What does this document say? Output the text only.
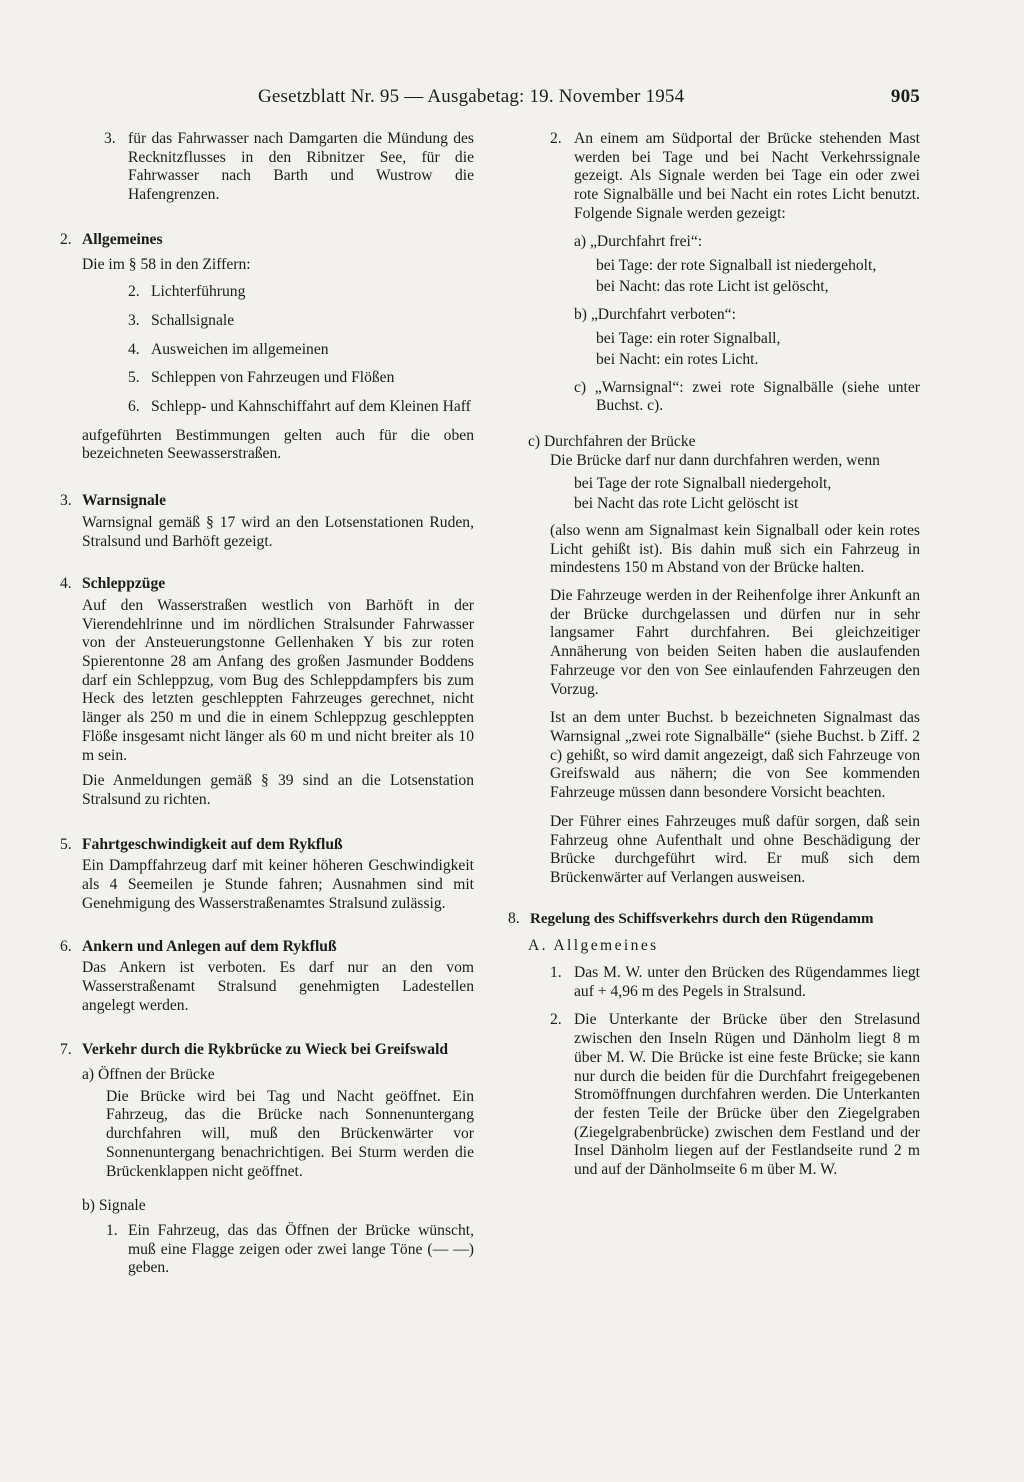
Gesetzblatt Nr. 95 — Ausgabetag: 19. November 1954	905
3. für das Fahrwasser nach Damgarten die Mündung des Recknitzflusses in den Ribnitzer See, für die Fahrwasser nach Barth und Wustrow die Hafengrenzen.

2. Allgemeines

Die im § 58 in den Ziffern:

2. Lichterführung

3. Schallsignale

4. Ausweichen im allgemeinen

5. Schleppen von Fahrzeugen und Flößen

6. Schlepp- und Kahnschiffahrt auf dem Kleinen Haff

aufgeführten Bestimmungen gelten auch für die oben bezeichneten Seewasserstraßen.

3. Warnsignale

Warnsignal gemäß § 17 wird an den Lotsenstationen Ruden, Stralsund und Barhöft gezeigt.

4. Schleppzüge

Auf den Wasserstraßen westlich von Barhöft in der Vierendehlrinne und im nördlichen Stralsunder Fahrwasser von der Ansteuerungstonne Gellenhaken Y bis zur roten Spierentonne 28 am Anfang des großen Jasmunder Boddens darf ein Schleppzug, vom Bug des Schleppdampfers bis zum Heck des letzten geschleppten Fahrzeuges gerechnet, nicht länger als 250 m und die in einem Schleppzug geschleppten Flöße insgesamt nicht länger als 60 m und nicht breiter als 10 m sein.

Die Anmeldungen gemäß § 39 sind an die Lotsenstation Stralsund zu richten.

5. Fahrtgeschwindigkeit auf dem Rykfluß

Ein Dampffahrzeug darf mit keiner höheren Geschwindigkeit als 4 Seemeilen je Stunde fahren; Ausnahmen sind mit Genehmigung des Wasserstraßenamtes Stralsund zulässig.

6. Ankern und Anlegen auf dem Rykfluß

Das Ankern ist verboten. Es darf nur an den vom Wasserstraßenamt Stralsund genehmigten Ladestellen angelegt werden.

7. Verkehr durch die Rykbrücke zu Wieck bei Greifswald

a) Öffnen der Brücke

Die Brücke wird bei Tag und Nacht geöffnet. Ein Fahrzeug, das die Brücke nach Sonnenuntergang durchfahren will, muß den Brückenwärter vor Sonnenuntergang benachrichtigen. Bei Sturm werden die Brückenklappen nicht geöffnet.

b) Signale

1. Ein Fahrzeug, das das Öffnen der Brücke wünscht, muß eine Flagge zeigen oder zwei lange Töne (— —) geben.

2. An einem am Südportal der Brücke stehenden Mast werden bei Tage und bei Nacht Verkehrssignale gezeigt. Als Signale werden bei Tage ein oder zwei rote Signalbälle und bei Nacht ein rotes Licht benutzt. Folgende Signale werden gezeigt:

a) „Durchfahrt frei“:

bei Tage: der rote Signalball ist niedergeholt,

bei Nacht: das rote Licht ist gelöscht,

b) „Durchfahrt verboten“:

bei Tage: ein roter Signalball,

bei Nacht: ein rotes Licht.

c) „Warnsignal“: zwei rote Signalbälle (siehe unter Buchst. c).

c) Durchfahren der Brücke

Die Brücke darf nur dann durchfahren werden, wenn

bei Tage der rote Signalball niedergeholt,

bei Nacht das rote Licht gelöscht ist

(also wenn am Signalmast kein Signalball oder kein rotes Licht gehißt ist). Bis dahin muß sich ein Fahrzeug in mindestens 150 m Abstand von der Brücke halten.

Die Fahrzeuge werden in der Reihenfolge ihrer Ankunft an der Brücke durchgelassen und dürfen nur in sehr langsamer Fahrt durchfahren. Bei gleichzeitiger Annäherung von beiden Seiten haben die auslaufenden Fahrzeuge vor den von See einlaufenden Fahrzeugen den Vorzug.

Ist an dem unter Buchst. b bezeichneten Signalmast das Warnsignal „zwei rote Signalbälle“ (siehe Buchst. b Ziff. 2 c) gehißt, so wird damit angezeigt, daß sich Fahrzeuge von Greifswald aus nähern; die von See kommenden Fahrzeuge müssen dann besondere Vorsicht beachten.

Der Führer eines Fahrzeuges muß dafür sorgen, daß sein Fahrzeug ohne Aufenthalt und ohne Beschädigung der Brücke durchgeführt wird. Er muß sich dem Brückenwärter auf Verlangen ausweisen.

8. Regelung des Schiffsverkehrs durch den Rügendamm

A. Allgemeines

1. Das M. W. unter den Brücken des Rügendammes liegt auf + 4,96 m des Pegels in Stralsund.

2. Die Unterkante der Brücke über den Strelasund zwischen den Inseln Rügen und Dänholm liegt 8 m über M. W. Die Brücke ist eine feste Brücke; sie kann nur durch die beiden für die Durchfahrt freigegebenen Stromöffnungen durchfahren werden. Die Unterkanten der festen Teile der Brücke über den Ziegelgraben (Ziegelgrabenbrücke) zwischen dem Festland und der Insel Dänholm liegen auf der Festlandseite rund 2 m und auf der Dänholmseite 6 m über M. W.
